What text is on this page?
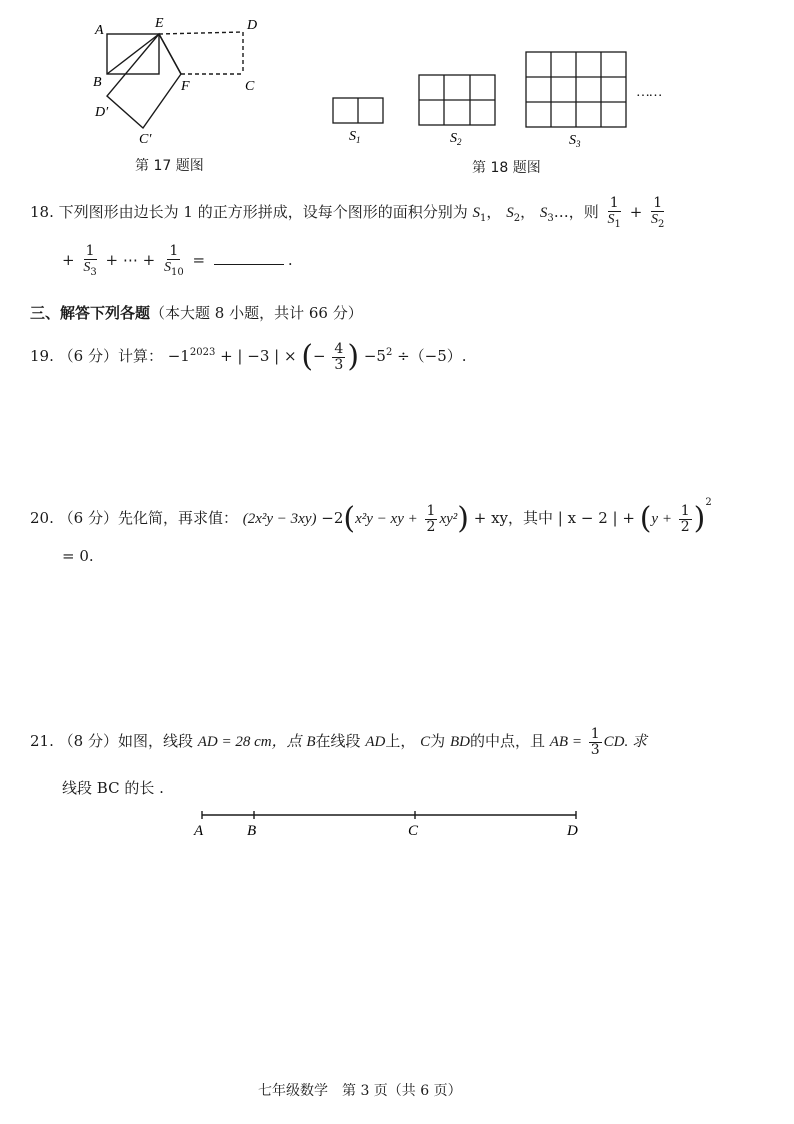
A	E	D
B	F	C
D′
C′
第 17 题图
$S_1$	$S_2$	$S_3$
……
第 18 题图
18. 下列图形由边长为 1 的正方形拼成，设每个图形的面积分别为 $S_1$， $S_2$， $S_3\dots$，则 $\frac{1}{S_1} + \frac{1}{S_2}$
+ $\frac{1}{S_3}$ + ⋯ + $\frac{1}{S_{10}}$ =	.
三、解答下列各题（本大题 8 小题，共计 66 分）
19. （6 分）计算： $-1^{2023}$ + | −3 | × (− $\frac{4}{3}$ ) $-5^2 \div(-5)$.
20. （6 分）先化简，再求值： (2x²y − 3xy) −2(x²y − xy + $\frac{1}{2} xy^2$) + xy，其中 | x − 2 | + $(y + \frac{1}{2} )^2$
= 0.
21. （8 分）如图，线段 AD = 28 cm，点 B在线段 AD上， C为 BD的中点，且 AB = $\frac{1}{3}$ CD. 求
线段 BC 的长 .
A	B	C	D
七年级数学　第 3 页（共 6 页）
